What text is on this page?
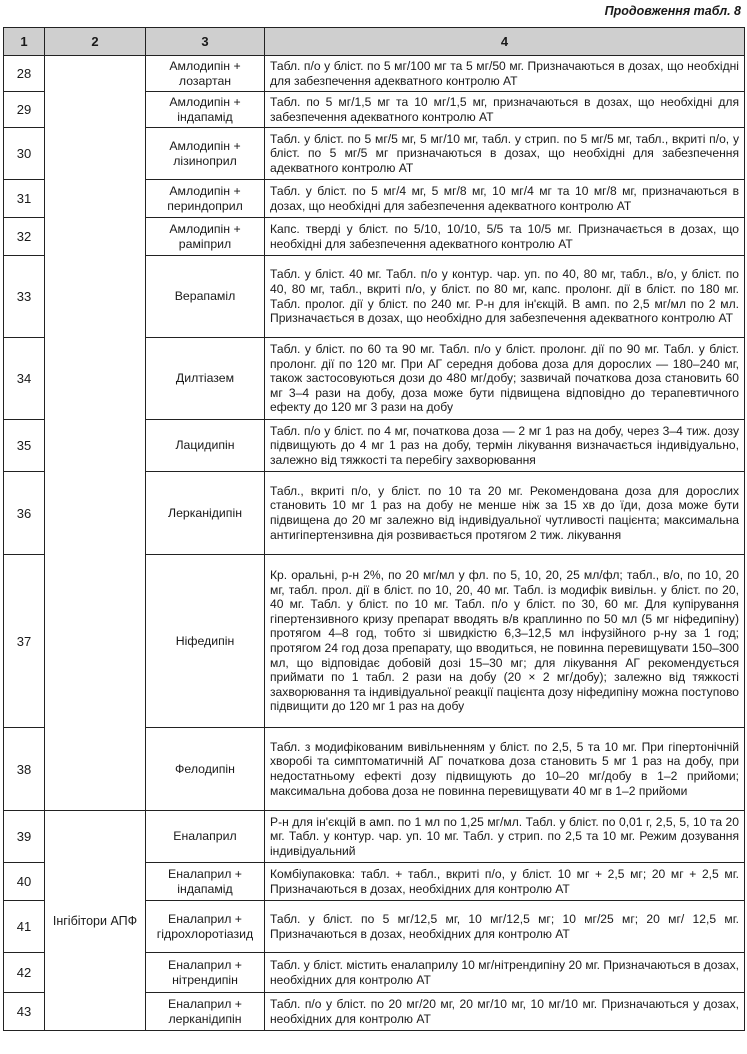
Продовження табл. 8
1	2	3	4
28		Амлодипін + лозартан	Табл. п/о у бліст. по 5 мг/100 мг та 5 мг/50 мг. Призначаються в дозах, що необхідні для забезпечення адекватного контролю АТ
29		Амлодипін + індапамід	Табл. по 5 мг/1,5 мг та 10 мг/1,5 мг, призначаються в дозах, що необхідні для забезпечення адекватного контролю АТ
30		Амлодипін + лізиноприл	Табл. у бліст. по 5 мг/5 мг, 5 мг/10 мг, табл. у стрип. по 5 мг/5 мг, табл., вкриті п/о, у бліст. по 5 мг/5 мг призначаються в дозах, що необхідні для забезпечення адекватного контролю АТ
31		Амлодипін + периндоприл	Табл. у бліст. по 5 мг/4 мг, 5 мг/8 мг, 10 мг/4 мг та 10 мг/8 мг, призначаються в дозах, що необхідні для забезпечення адекватного контролю АТ
32		Амлодипін + раміприл	Капс. тверді у бліст. по 5/10, 10/10, 5/5 та 10/5 мг. Призначається в дозах, що необхідні для забезпечення адекватного контролю АТ
33		Верапаміл	Табл. у бліст. 40 мг. Табл. п/о у контур. чар. уп. по 40, 80 мг, табл., в/о, у бліст. по 40, 80 мг, табл., вкриті п/о, у бліст. по 80 мг, капс. пролонг. дії в бліст. по 180 мг. Табл. пролог. дії у бліст. по 240 мг. Р-н для ін'єкцій. В амп. по 2,5 мг/мл по 2 мл. Призначається в дозах, що необхідно для забезпечення адекватного контролю АТ
34		Дилтіазем	Табл. у бліст. по 60 та 90 мг. Табл. п/о у бліст. пролонг. дії по 90 мг. Табл. у бліст. пролонг. дії по 120 мг. При АГ середня добова доза для дорослих — 180–240 мг, також застосовуються дози до 480 мг/добу; зазвичай початкова доза становить 60 мг 3–4 рази на добу, доза може бути підвищена відповідно до терапевтичного ефекту до 120 мг 3 рази на добу
35		Лацидипін	Табл. п/о у бліст. по 4 мг, початкова доза — 2 мг 1 раз на добу, через 3–4 тиж. дозу підвищують до 4 мг 1 раз на добу, термін лікування визначається індивідуально, залежно від тяжкості та перебігу захворювання
36		Лерканідипін	Табл., вкриті п/о, у бліст. по 10 та 20 мг. Рекомендована доза для дорослих становить 10 мг 1 раз на добу не менше ніж за 15 хв до їди, доза може бути підвищена до 20 мг залежно від індивідуальної чутливості пацієнта; максимальна антигіпертензивна дія розвивається протягом 2 тиж. лікування
37		Ніфедипін	Кр. оральні, р-н 2%, по 20 мг/мл у фл. по 5, 10, 20, 25 мл/фл; табл., в/о, по 10, 20 мг, табл. прол. дії в бліст. по 10, 20, 40 мг. Табл. із модифік вивільн. у бліст. по 20, 40 мг. Табл. у бліст. по 10 мг. Табл. п/о у бліст. по 30, 60 мг. Для купірування гіпертензивного кризу препарат вводять в/в краплинно по 50 мл (5 мг ніфедипіну) протягом 4–8 год, тобто зі швидкістю 6,3–12,5 мл інфузійного р-ну за 1 год; протягом 24 год доза препарату, що вводиться, не повинна перевищувати 150–300 мл, що відповідає добовій дозі 15–30 мг; для лікування АГ рекомендується приймати по 1 табл. 2 рази на добу (20 × 2 мг/добу); залежно від тяжкості захворювання та індивідуальної реакції пацієнта дозу ніфедипіну можна поступово підвищити до 120 мг 1 раз на добу
38		Фелодипін	Табл. з модифікованим вивільненням у бліст. по 2,5, 5 та 10 мг. При гіпертонічній хворобі та симптоматичній АГ початкова доза становить 5 мг 1 раз на добу, при недостатньому ефекті дозу підвищують до 10–20 мг/добу в 1–2 прийоми; максимальна добова доза не повинна перевищувати 40 мг в 1–2 прийоми
39	Інгібітори АПФ	Еналаприл	Р-н для ін'єкцій в амп. по 1 мл по 1,25 мг/мл. Табл. у бліст. по 0,01 г, 2,5, 5, 10 та 20 мг. Табл. у контур. чар. уп. 10 мг. Табл. у стрип. по 2,5 та 10 мг. Режим дозування індивідуальний
40		Еналаприл + індапамід	Комбіупаковка: табл. + табл., вкриті п/о, у бліст. 10 мг + 2,5 мг; 20 мг + 2,5 мг. Призначаються в дозах, необхідних для контролю АТ
41		Еналаприл + гідрохлоротіазид	Табл. у бліст. по 5 мг/12,5 мг, 10 мг/12,5 мг; 10 мг/25 мг; 20 мг/ 12,5 мг. Призначаються в дозах, необхідних для контролю АТ
42		Еналаприл + нітрендипін	Табл. у бліст. містить еналаприлу 10 мг/нітрендипіну 20 мг. Призначаються в дозах, необхідних для контролю АТ
43		Еналаприл + лерканідипін	Табл. п/о у бліст. по 20 мг/20 мг, 20 мг/10 мг, 10 мг/10 мг. Призначаються у дозах, необхідних для контролю АТ
